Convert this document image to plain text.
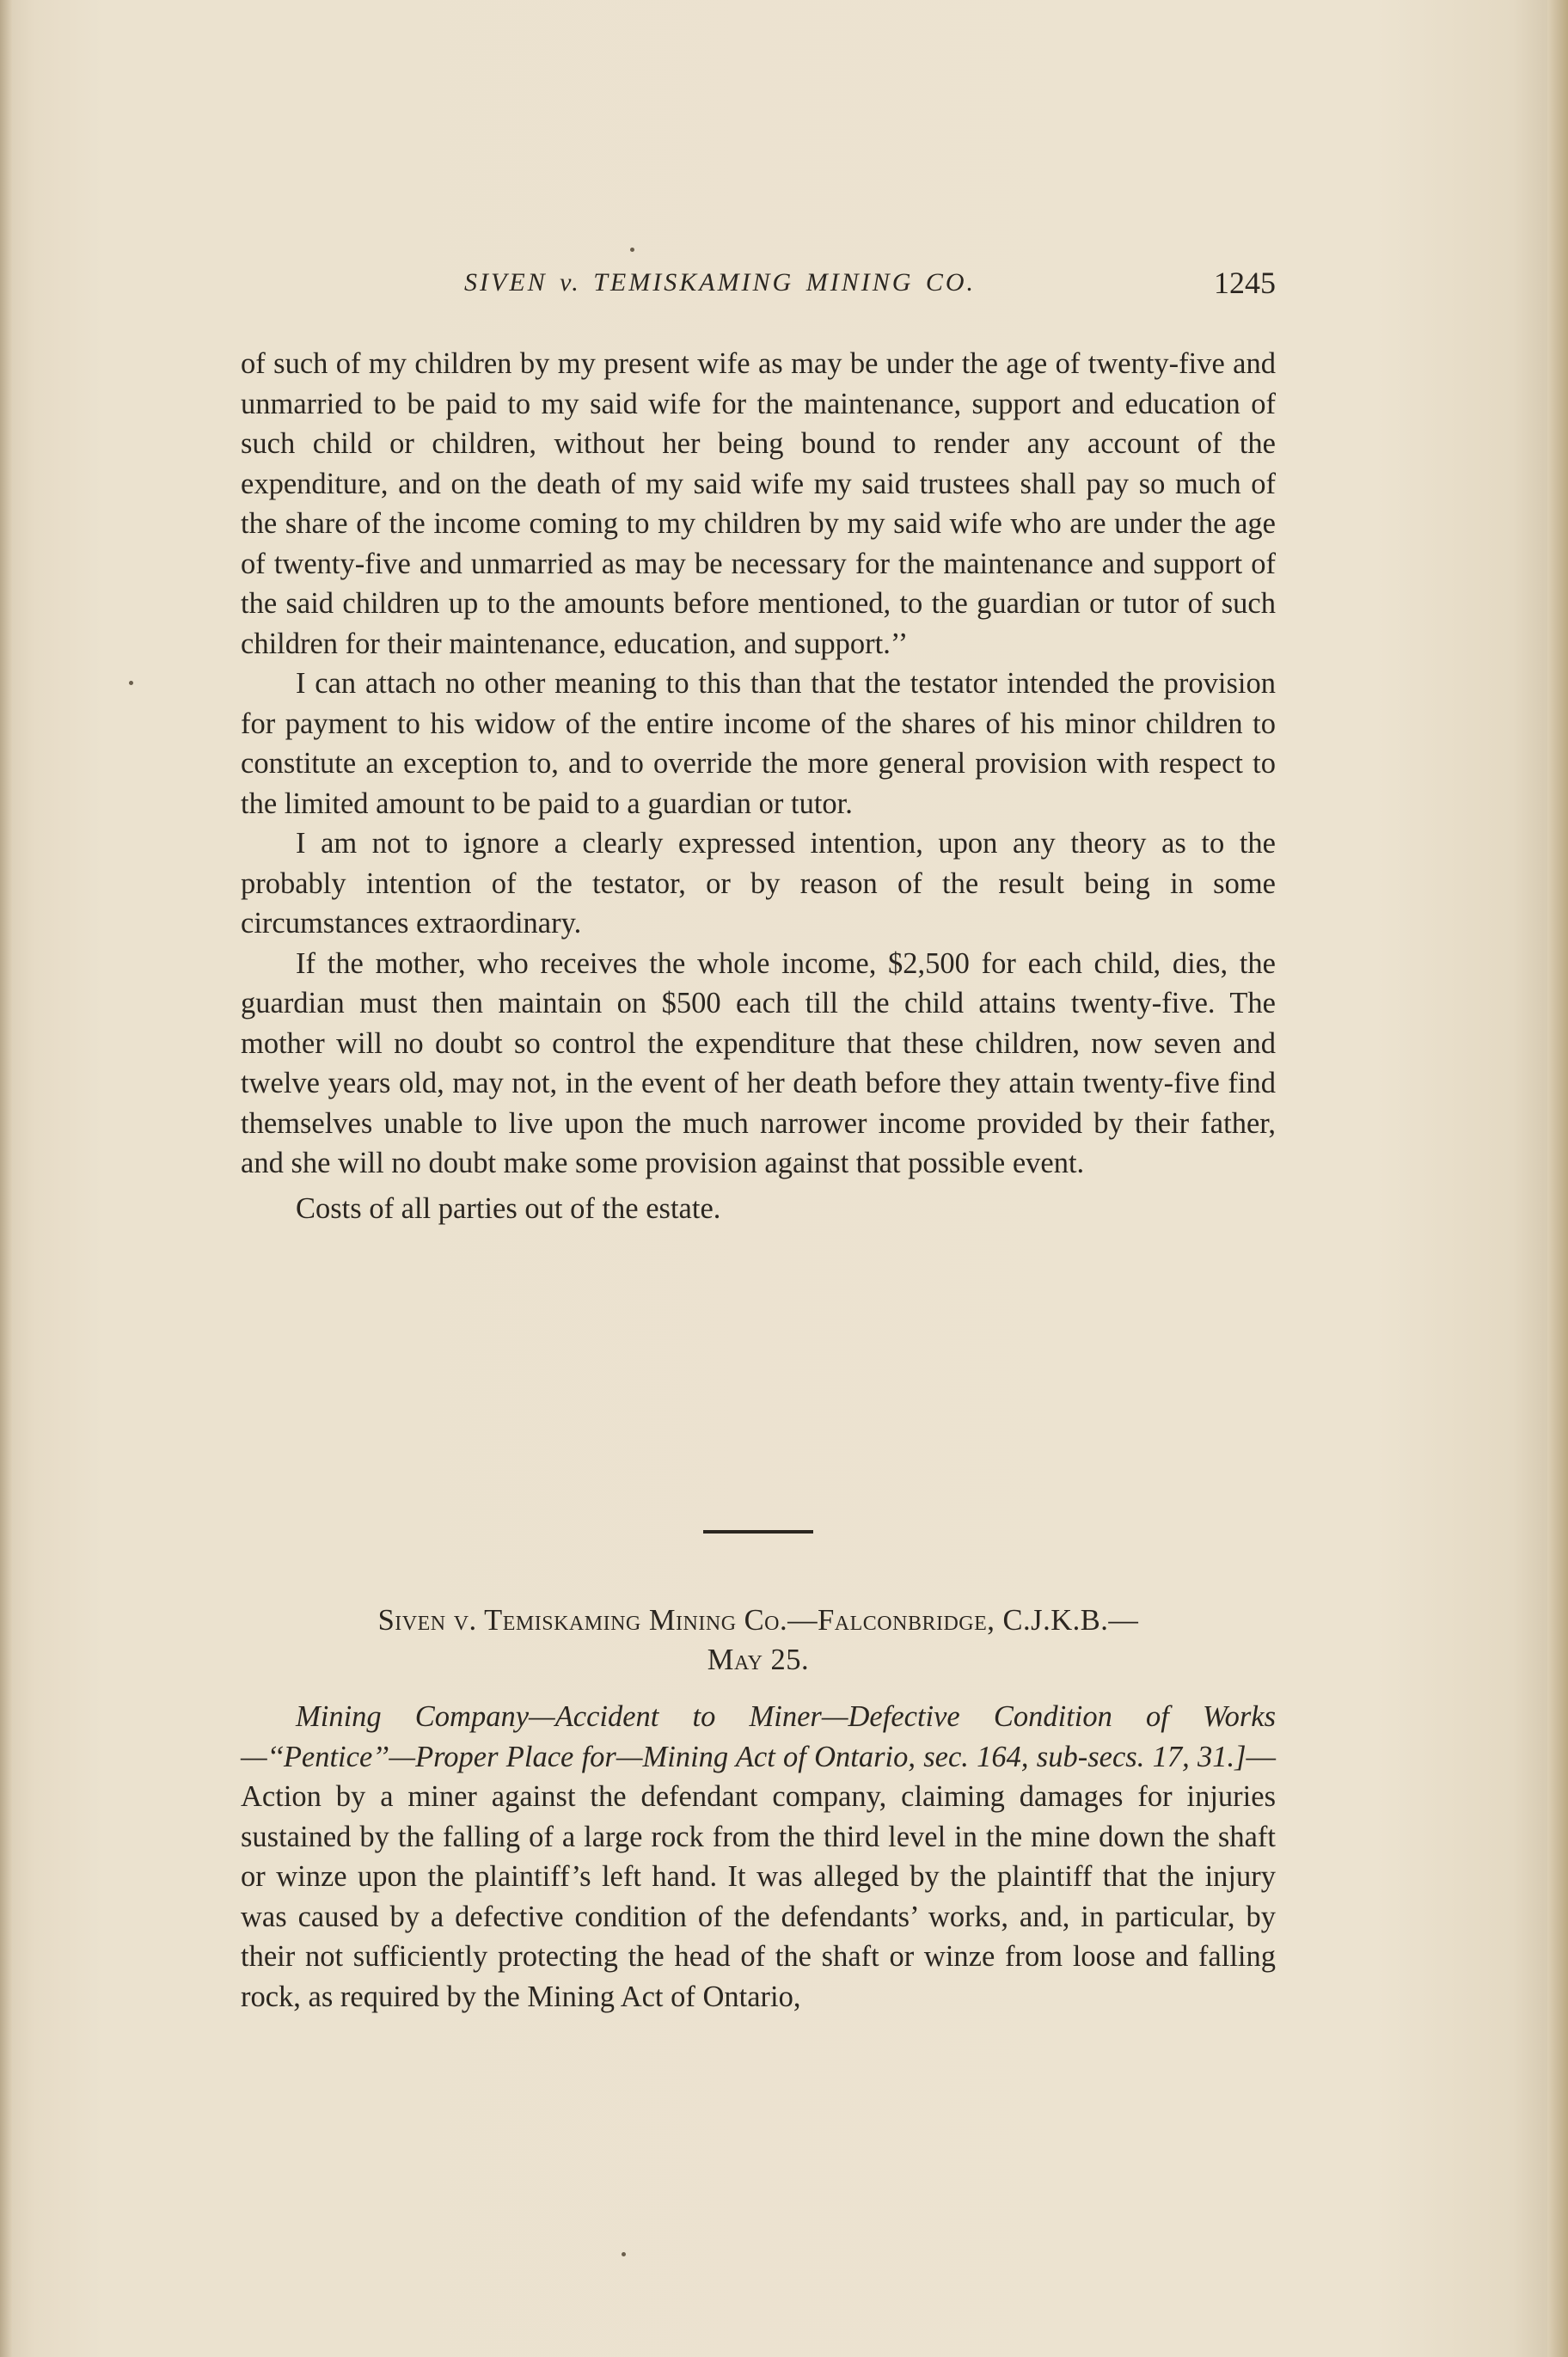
SIVEN v. TEMISKAMING MINING CO.	1245

of such of my children by my present wife as may be under the age of twenty-five and unmarried to be paid to my said wife for the maintenance, support and education of such child or children, without her being bound to render any account of the expenditure, and on the death of my said wife my said trustees shall pay so much of the share of the income coming to my children by my said wife who are under the age of twenty-five and unmarried as may be necessary for the maintenance and support of the said children up to the amounts before mentioned, to the guardian or tutor of such children for their maintenance, education, and support.’’

I can attach no other meaning to this than that the testator intended the provision for payment to his widow of the entire income of the shares of his minor children to constitute an exception to, and to override the more general provision with respect to the limited amount to be paid to a guardian or tutor.

I am not to ignore a clearly expressed intention, upon any theory as to the probably intention of the testator, or by reason of the result being in some circumstances extraordinary.

If the mother, who receives the whole income, $2,500 for each child, dies, the guardian must then maintain on $500 each till the child attains twenty-five. The mother will no doubt so control the expenditure that these children, now seven and twelve years old, may not, in the event of her death before they attain twenty-five find themselves unable to live upon the much narrower income provided by their father, and she will no doubt make some provision against that possible event.

Costs of all parties out of the estate.

Siven v. Temiskaming Mining Co.—Falconbridge, C.J.K.B.—
May 25.

Mining Company—Accident to Miner—Defective Condition of Works—‘‘Pentice’’—Proper Place for—Mining Act of Ontario, sec. 164, sub-secs. 17, 31.]—Action by a miner against the defendant company, claiming damages for injuries sustained by the falling of a large rock from the third level in the mine down the shaft or winze upon the plaintiff’s left hand. It was alleged by the plaintiff that the injury was caused by a defective condition of the defendants’ works, and, in particular, by their not sufficiently protecting the head of the shaft or winze from loose and falling rock, as required by the Mining Act of Ontario,
